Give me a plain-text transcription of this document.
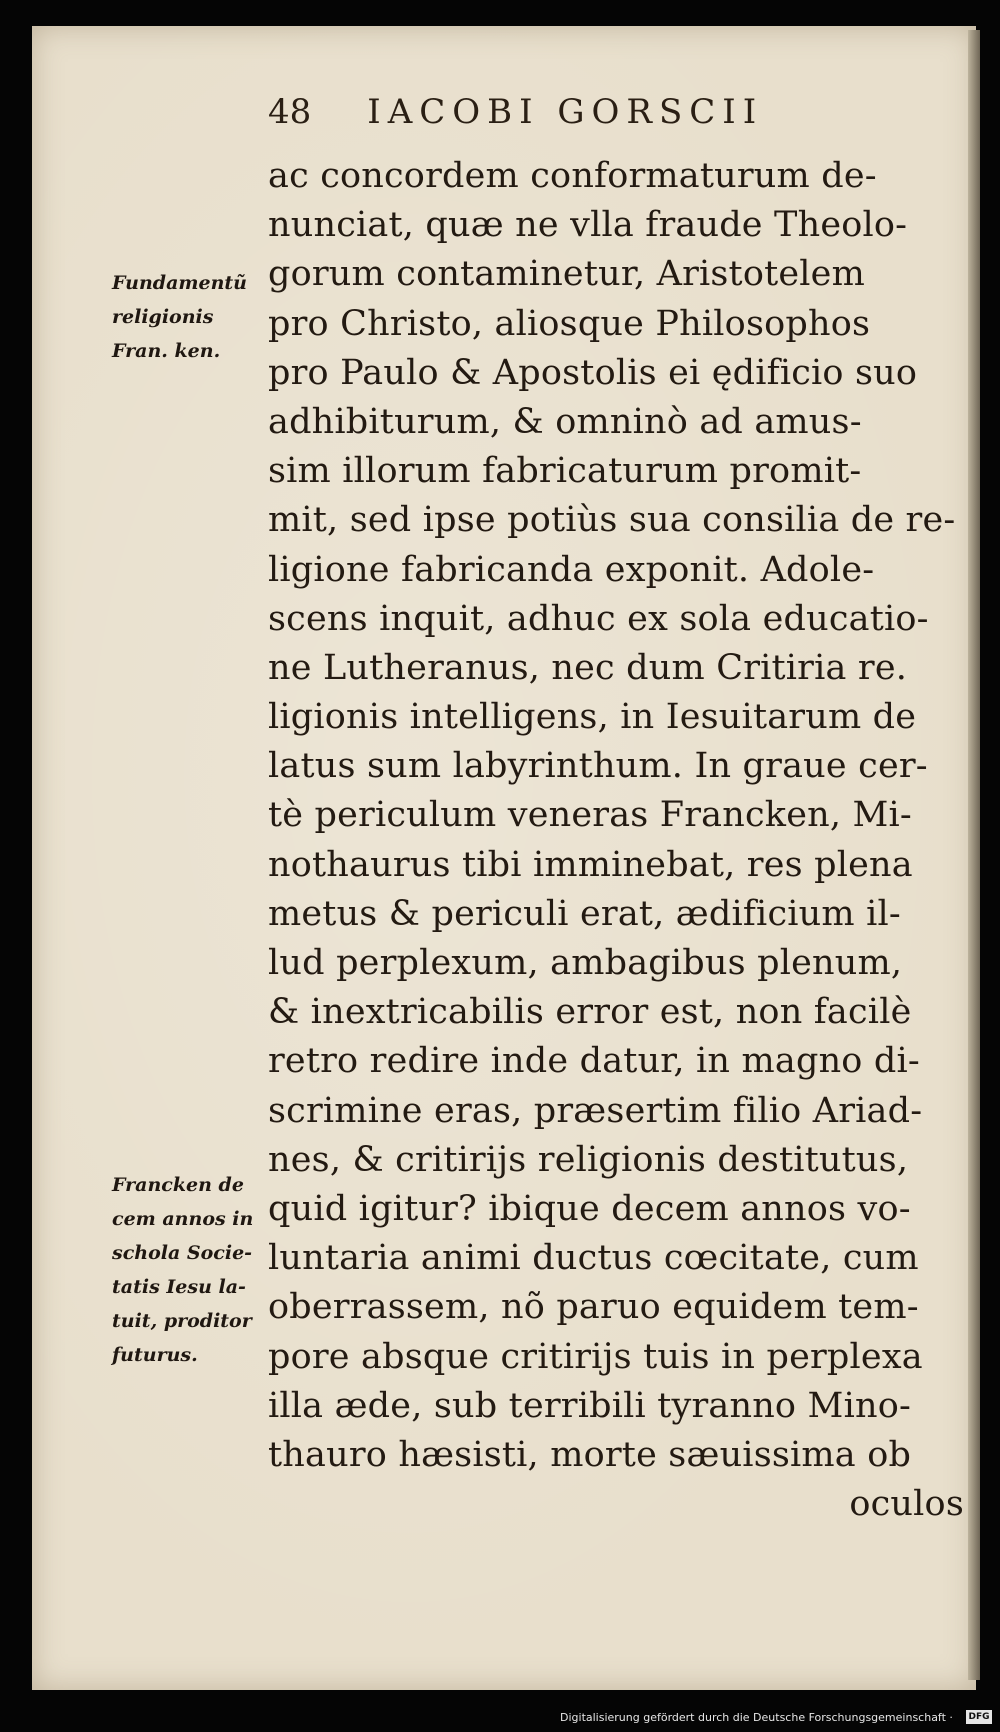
48 IACOBI GORSCII
Fundamentũ
religionis
Fran. ken.
Francken de
cem annos in
schola Socie-
tatis Iesu la-
tuit, proditor
futurus.
ac concordem conformaturum de-
nunciat, quæ ne vlla fraude Theolo-
gorum contaminetur, Aristotelem
pro Christo, aliosque Philosophos
pro Paulo & Apostolis ei ędificio suo
adhibiturum, & omninò ad amus-
sim illorum fabricaturum promit-
mit, sed ipse potiùs sua consilia de re-
ligione fabricanda exponit. Adole-
scens inquit, adhuc ex sola educatio-
ne Lutheranus, nec dum Critiria re.
ligionis intelligens, in Iesuitarum de
latus sum labyrinthum. In graue cer-
tè periculum veneras Francken, Mi-
nothaurus tibi imminebat, res plena
metus & periculi erat, ædificium il-
lud perplexum, ambagibus plenum,
& inextricabilis error est, non facilè
retro redire inde datur, in magno di-
scrimine eras, præsertim filio Ariad-
nes, & critirijs religionis destitutus,
quid igitur? ibique decem annos vo-
luntaria animi ductus cœcitate, cum
oberrassem, nõ paruo equidem tem-
pore absque critirijs tuis in perplexa
illa æde, sub terribili tyranno Mino-
thauro hæsisti, morte sæuissima ob
oculos
Digitalisierung gefördert durch die Deutsche Forschungsgemeinschaft · DFG
